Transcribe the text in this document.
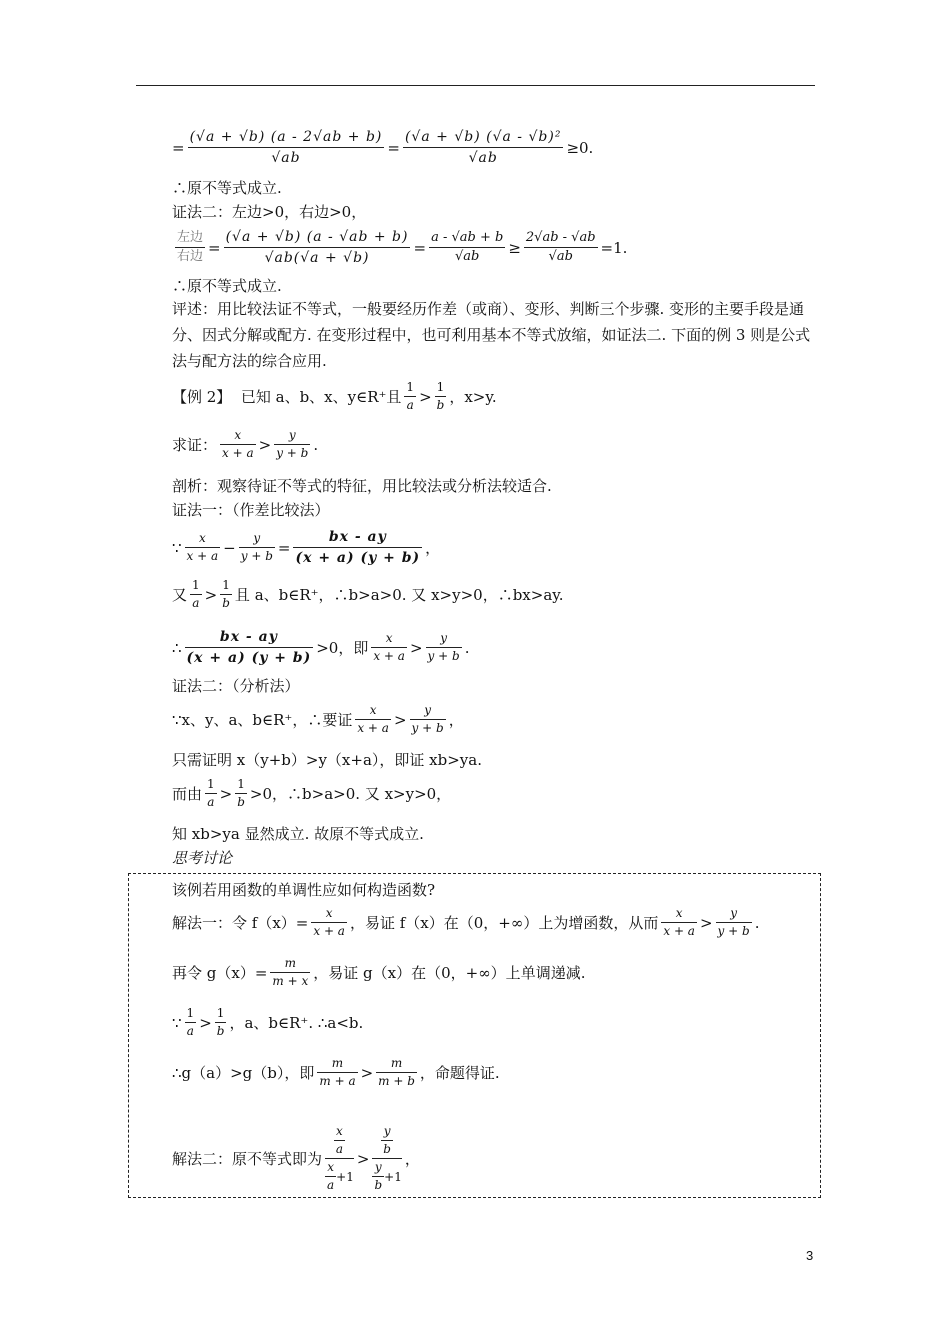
= $\frac{(√a + √b) (a - 2√ab + b)}{√ab} = \frac{\text{(√a + √b) (√a - √b)²}}{√ab} \ge 0$.
∴原不等式成立.
证法二：左边>0，右边>0，
$\frac{\text{左边}}{\text{右边}} = \frac{(√a + √b) (a - √ab + b)}{√ab(√a + √b)} = \frac{a - √ab + b}{√ab} \ge \frac{2√ab - √ab}{√ab} =1$.
∴原不等式成立.
评述：用比较法证不等式，一般要经历作差（或商）、变形、判断三个步骤. 变形的主要手段是通分、因式分解或配方. 在变形过程中，也可利用基本不等式放缩，如证法二. 下面的例 3 则是公式法与配方法的综合应用.
【例 2】
已知 a、b、x、y∈R⁺且 $\frac{1}{a} > \frac{1}{b}$ ，x>y.
求证： $\frac{x}{x + a} > \frac{y}{y + b}$ .
剖析：观察待证不等式的特征，用比较法或分析法较适合.
证法一：（作差比较法）
∵ $\frac{x}{x + a} - \frac{y}{y + b} = \frac{bx - ay}{(x + a) (y + b)}$ ，
又 $\frac{1}{a} > \frac{1}{b}$ 且 a、b∈R⁺，∴b>a>0. 又 x>y>0，∴bx>ay.
∴ $\frac{bx - ay}{(x + a) (y + b)} >0$，即 $\frac{x}{x + a} > \frac{y}{y + b}$ .
证法二：（分析法）
∵x、y、a、b∈R⁺，∴要证 $\frac{x}{x + a} > \frac{y}{y + b}$ ，
只需证明 x（y+b）>y（x+a），即证 xb>ya.
而由 $\frac{1}{a} > \frac{1}{b} >0$，∴b>a>0. 又 x>y>0，
知 xb>ya 显然成立. 故原不等式成立.
思考讨论
该例若用函数的单调性应如何构造函数?
解法一：令 $f(x)= \frac{x}{x + a}$ ，易证 f（x）在（0，+∞）上为增函数，从而 $\frac{x}{x + a} > \frac{y}{y + b}$ .
再令 $g(x)= \frac{m}{m + x}$ ，易证 g（x）在（0，+∞）上单调递减.
∵ $\frac{1}{a} > \frac{1}{b}$ ，a、b∈R⁺. ∴a<b.
∴g（a）>g（b），即 $\frac{m}{m + a} > \frac{m}{m + b}$ ，命题得证.
解法二：原不等式即为
$\frac{x}{a}$
$\frac{x}{a} +1$
>
$\frac{y}{b}$
$\frac{y}{b} +1$
，
3
